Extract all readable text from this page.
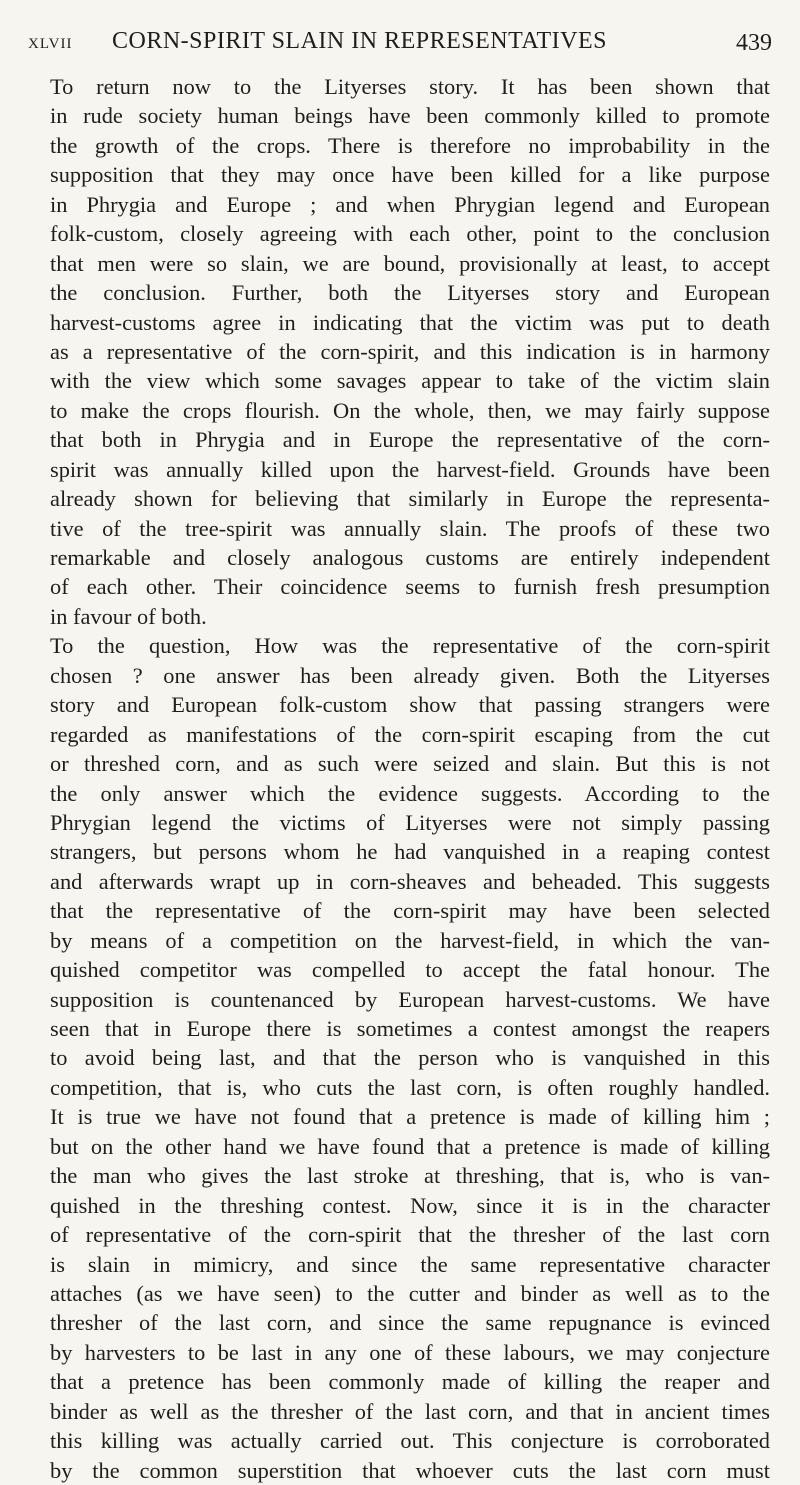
XLVII CORN-SPIRIT SLAIN IN REPRESENTATIVES	439
To return now to the Lityerses story. It has been shown that
in rude society human beings have been commonly killed to promote
the growth of the crops. There is therefore no improbability in the
supposition that they may once have been killed for a like purpose
in Phrygia and Europe ; and when Phrygian legend and European
folk-custom, closely agreeing with each other, point to the conclusion
that men were so slain, we are bound, provisionally at least, to accept
the conclusion. Further, both the Lityerses story and European
harvest-customs agree in indicating that the victim was put to death
as a representative of the corn-spirit, and this indication is in harmony
with the view which some savages appear to take of the victim slain
to make the crops flourish. On the whole, then, we may fairly suppose
that both in Phrygia and in Europe the representative of the corn-
spirit was annually killed upon the harvest-field. Grounds have been
already shown for believing that similarly in Europe the representa-
tive of the tree-spirit was annually slain. The proofs of these two
remarkable and closely analogous customs are entirely independent
of each other. Their coincidence seems to furnish fresh presumption
in favour of both.
To the question, How was the representative of the corn-spirit
chosen ? one answer has been already given. Both the Lityerses
story and European folk-custom show that passing strangers were
regarded as manifestations of the corn-spirit escaping from the cut
or threshed corn, and as such were seized and slain. But this is not
the only answer which the evidence suggests. According to the
Phrygian legend the victims of Lityerses were not simply passing
strangers, but persons whom he had vanquished in a reaping contest
and afterwards wrapt up in corn-sheaves and beheaded. This suggests
that the representative of the corn-spirit may have been selected
by means of a competition on the harvest-field, in which the van-
quished competitor was compelled to accept the fatal honour. The
supposition is countenanced by European harvest-customs. We have
seen that in Europe there is sometimes a contest amongst the reapers
to avoid being last, and that the person who is vanquished in this
competition, that is, who cuts the last corn, is often roughly handled.
It is true we have not found that a pretence is made of killing him ;
but on the other hand we have found that a pretence is made of killing
the man who gives the last stroke at threshing, that is, who is van-
quished in the threshing contest. Now, since it is in the character
of representative of the corn-spirit that the thresher of the last corn
is slain in mimicry, and since the same representative character
attaches (as we have seen) to the cutter and binder as well as to the
thresher of the last corn, and since the same repugnance is evinced
by harvesters to be last in any one of these labours, we may conjecture
that a pretence has been commonly made of killing the reaper and
binder as well as the thresher of the last corn, and that in ancient times
this killing was actually carried out. This conjecture is corroborated
by the common superstition that whoever cuts the last corn must
